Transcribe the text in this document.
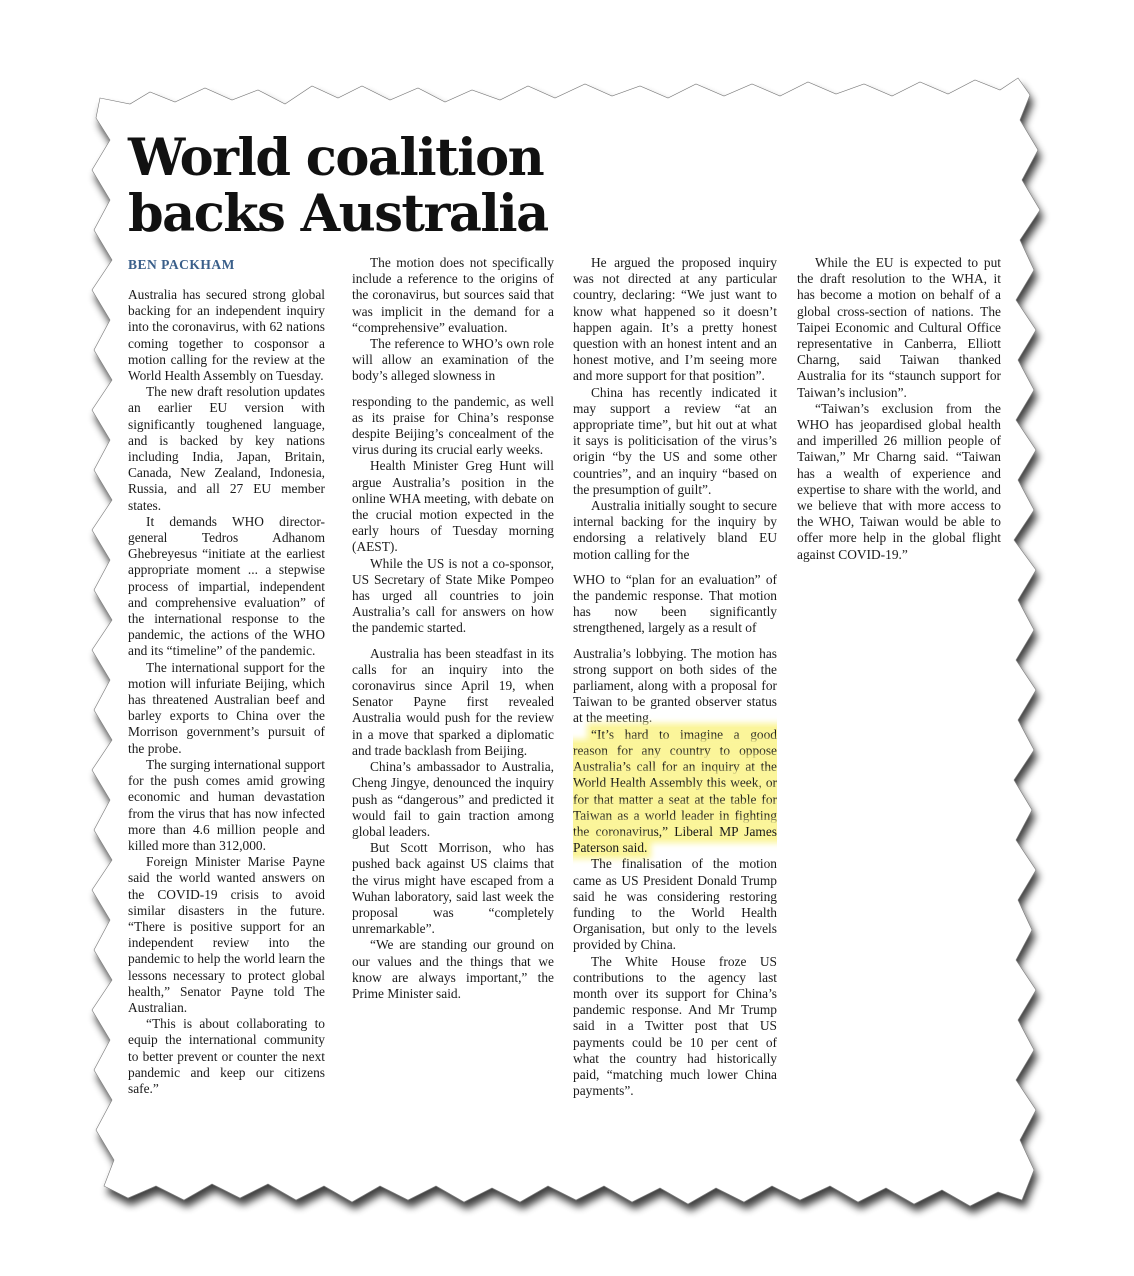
World coalition
backs Australia
BEN PACKHAM

Australia has secured strong global backing for an independent inquiry into the coronavirus, with 62 nations coming together to cosponsor a motion calling for the review at the World Health Assembly on Tuesday.

The new draft resolution updates an earlier EU version with significantly toughened language, and is backed by key nations including India, Japan, Britain, Canada, New Zealand, Indonesia, Russia, and all 27 EU member states.

It demands WHO director-general Tedros Adhanom Ghebreyesus “initiate at the earliest appropriate moment ... a stepwise process of impartial, independent and comprehensive evaluation” of the international response to the pandemic, the actions of the WHO and its “timeline” of the pandemic.

The international support for the motion will infuriate Beijing, which has threatened Australian beef and barley exports to China over the Morrison government’s pursuit of the probe.

The surging international support for the push comes amid growing economic and human devastation from the virus that has now infected more than 4.6 million people and killed more than 312,000.

Foreign Minister Marise Payne said the world wanted answers on the COVID-19 crisis to avoid similar disasters in the future. “There is positive support for an independent review into the pandemic to help the world learn the lessons necessary to protect global health,” Senator Payne told The Australian.

“This is about collaborating to equip the international community to better prevent or counter the next pandemic and keep our citizens safe.”

The motion does not specifically include a reference to the origins of the coronavirus, but sources said that was implicit in the demand for a “comprehensive” evaluation.

The reference to WHO’s own role will allow an examination of the body’s alleged slowness in

responding to the pandemic, as well as its praise for China’s response despite Beijing’s concealment of the virus during its crucial early weeks.

Health Minister Greg Hunt will argue Australia’s position in the online WHA meeting, with debate on the crucial motion expected in the early hours of Tuesday morning (AEST).

While the US is not a co-sponsor, US Secretary of State Mike Pompeo has urged all countries to join Australia’s call for answers on how the pandemic started.

Australia has been steadfast in its calls for an inquiry into the coronavirus since April 19, when Senator Payne first revealed Australia would push for the review in a move that sparked a diplomatic and trade backlash from Beijing.

China’s ambassador to Australia, Cheng Jingye, denounced the inquiry push as “dangerous” and predicted it would fail to gain traction among global leaders.

But Scott Morrison, who has pushed back against US claims that the virus might have escaped from a Wuhan laboratory, said last week the proposal was “completely unremarkable”.

“We are standing our ground on our values and the things that we know are always important,” the Prime Minister said.

He argued the proposed inquiry was not directed at any particular country, declaring: “We just want to know what happened so it doesn’t happen again. It’s a pretty honest question with an honest intent and an honest motive, and I’m seeing more and more support for that position”.

China has recently indicated it may support a review “at an appropriate time”, but hit out at what it says is politicisation of the virus’s origin “by the US and some other countries”, and an inquiry “based on the presumption of guilt”.

Australia initially sought to secure internal backing for the inquiry by endorsing a relatively bland EU motion calling for the

WHO to “plan for an evaluation” of the pandemic response. That motion has now been significantly strengthened, largely as a result of

Australia’s lobbying. The motion has strong support on both sides of the parliament, along with a proposal for Taiwan to be granted observer status at the meeting.

“It’s hard to imagine a good reason for any country to oppose Australia’s call for an inquiry at the World Health Assembly this week, or for that matter a seat at the table for Taiwan as a world leader in fighting the coronavirus,” Liberal MP James Paterson said.

The finalisation of the motion came as US President Donald Trump said he was considering restoring funding to the World Health Organisation, but only to the levels provided by China.

The White House froze US contributions to the agency last month over its support for China’s pandemic response. And Mr Trump said in a Twitter post that US payments could be 10 per cent of what the country had historically paid, “matching much lower China payments”.

While the EU is expected to put the draft resolution to the WHA, it has become a motion on behalf of a global cross-section of nations. The Taipei Economic and Cultural Office representative in Canberra, Elliott Charng, said Taiwan thanked Australia for its “staunch support for Taiwan’s inclusion”.

“Taiwan’s exclusion from the WHO has jeopardised global health and imperilled 26 million people of Taiwan,” Mr Charng said. “Taiwan has a wealth of experience and expertise to share with the world, and we believe that with more access to the WHO, Taiwan would be able to offer more help in the global flight against COVID-19.”
